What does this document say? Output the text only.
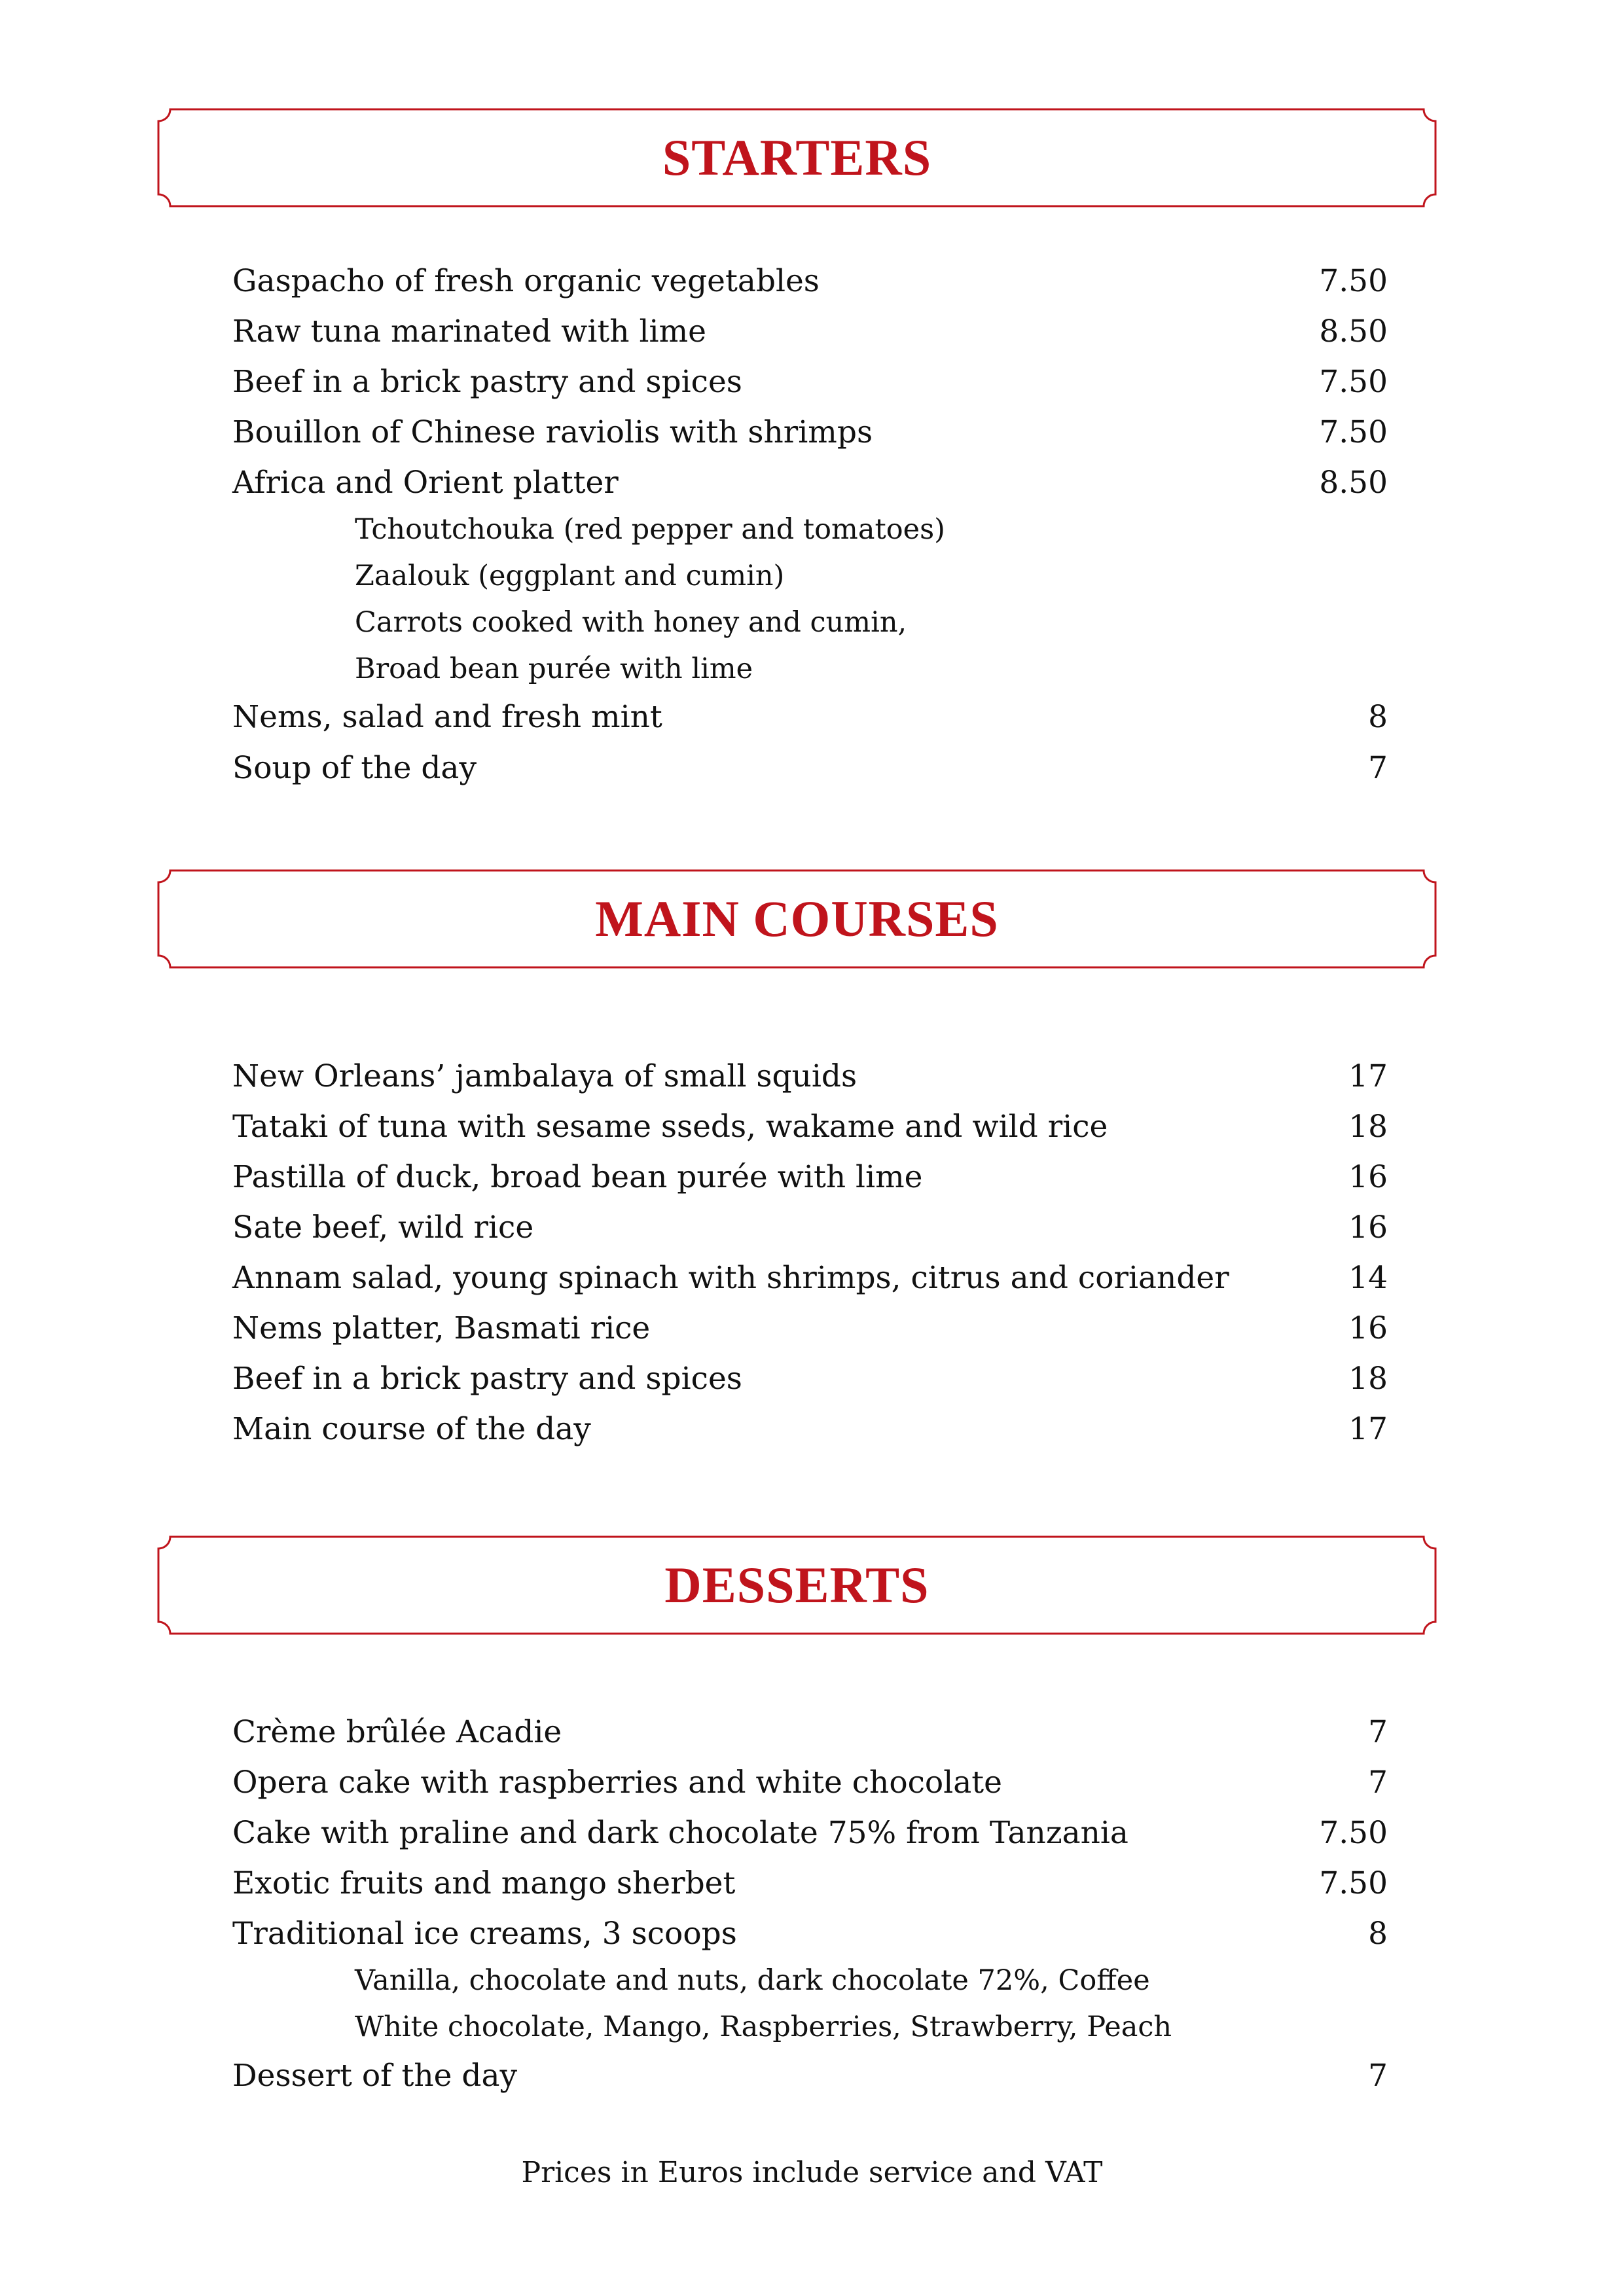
STARTERS
Gaspacho of fresh organic vegetables	7.50
Raw tuna marinated with lime	8.50
Beef in a brick pastry and spices	7.50
Bouillon of Chinese raviolis with shrimps	7.50
Africa and Orient platter	8.50
Tchoutchouka (red pepper and tomatoes)
Zaalouk (eggplant and cumin)
Carrots cooked with honey and cumin,
Broad bean purée with lime
Nems, salad and fresh mint	8
Soup of the day	7
MAIN COURSES
New Orleans’ jambalaya of small squids	17
Tataki of tuna with sesame sseds, wakame and wild rice	18
Pastilla of duck, broad bean purée with lime	16
Sate beef, wild rice	16
Annam salad, young spinach with shrimps, citrus and coriander	14
Nems platter, Basmati rice	16
Beef in a brick pastry and spices	18
Main course of the day	17
DESSERTS
Crème brûlée Acadie	7
Opera cake with raspberries and white chocolate	7
Cake with praline and dark chocolate 75% from Tanzania	7.50
Exotic fruits and mango sherbet	7.50
Traditional ice creams, 3 scoops	8
Vanilla, chocolate and nuts, dark chocolate 72%, Coffee
White chocolate, Mango, Raspberries, Strawberry, Peach
Dessert of the day	7
Prices in Euros include service and VAT
